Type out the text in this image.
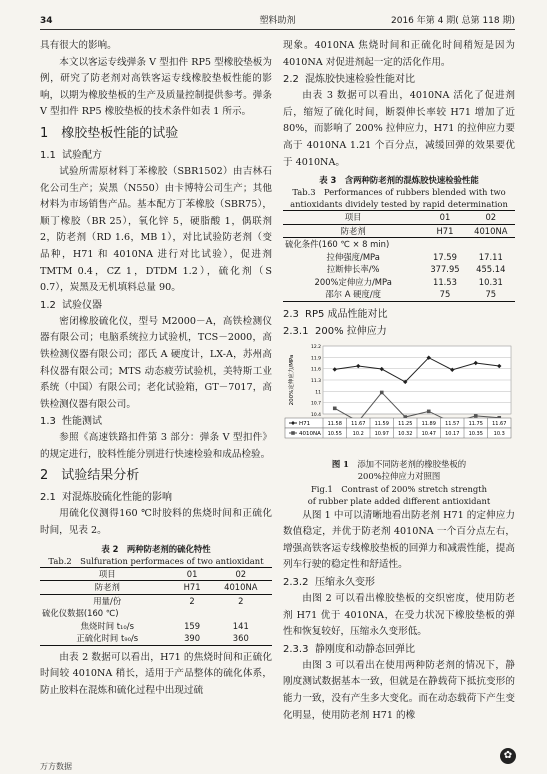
34	塑料助剂	2016 年第 4 期( 总第 118 期)

具有很大的影响。

本文以客运专线弹条 V 型扣件 RP5 型橡胶垫板为例，研究了防老剂对高铁客运专线橡胶垫板性能的影响，以期为橡胶垫板的生产及质量控制提供参考。弹条 V 型扣件 RP5 橡胶垫板的技术条件如表 1 所示。

1　 橡胶垫板性能的试验
1.1 试验配方

试验所需原材料丁苯橡胶（SBR1502）由吉林石化公司生产；炭黑（N550）由卡博特公司生产；其他材料为市场销售产品。基本配方丁苯橡胶（SBR75），顺丁橡胶（BR 25），氧化锌 5，硬脂酸 1，偶联剂 2，防老剂（RD 1.6，MB 1），对比试验防老剂（变品种，H71 和 4010NA 进行对比试验），促进剂 TMTM 0.4，CZ 1，DTDM 1.2），硫化剂（S 0.7），炭黑及无机填料总量 90。

1.2 试验仪器

密闭橡胶硫化仪，型号 M2000－A，高铁检测仪器有限公司；电脑系统拉力试验机，TCS－2000，高铁检测仪器有限公司；邵氏 A 硬度计，LX-A，苏州高科仪器有限公司；MTS 动态疲劳试验机，美特斯工业系统（中国）有限公司；老化试验箱，GT－7017，高铁检测仪器有限公司。

1.3 性能测试

参照《高速铁路扣件第 3 部分：弹条 V 型扣件》的规定进行，胶料性能分别进行快速检验和成品检验。

2　 试验结果分析
2.1 对混炼胶硫化性能的影响

用硫化仪测得160 ℃时胶料的焦烧时间和正硫化时间，见表 2。

表 2　 两种防老剂的硫化特性
Tab.2　 Sulfuration performaces of two antioxidant
项目	01	02
防老剂	H71	4010NA
用量/份	2	2
硫化仪数据(160 ℃)		
焦烧时间 t₁₀/s	159	141
正硫化时间 t₉₀/s	390	360

由表 2 数据可以看出，H71 的焦烧时间和正硫化时间较 4010NA 稍长，适用于产品整体的硫化体系，防止胶料在混炼和硫化过程中出现过硫

现象。4010NA 焦烧时间和正硫化时间稍短是因为 4010NA 对促进剂起一定的活化作用。

2.2 混炼胶快速检验性能对比

由表 3 数据可以看出，4010NA 活化了促进剂后，缩短了硫化时间，断裂伸长率较 H71 增加了近 80%，而影响了 200% 拉伸应力，H71 的拉伸应力要高于 4010NA 1.21 个百分点，减缓回弹的效果要优于 4010NA。

表 3　 含两种防老剂的混炼胶快速检验性能
Tab.3　 Performances of rubbers blended with two antioxidants dividely tested by rapid determination
项目	01	02
防老剂	H71	4010NA
硫化条件(160 ℃ × 8 min)		
拉伸强度/MPa	17.59	17.11
拉断伸长率/%	377.95	455.14
200%定伸应力/MPa	11.53	10.31
邵尔 A 硬度/度	75	75
2.3 RP5 成品性能对比
2.3.1 200% 拉伸应力
12.2
11.9
11.6
11.3
11
10.7
10.4
200%定伸应力/MPa
H71	11.58 11.67 11.59 11.25 11.89 11.57 11.75 11.67
4010NA 10.55 10.2 10.97 10.32 10.47 10.17 10.35 10.3
图 1　 添加不同防老剂的橡胶垫板的
200%拉伸应力对照图
Fig.1　 Contrast of 200% stretch strength
of rubber plate added different antioxidant

从图 1 中可以清晰地看出防老剂 H71 的定伸应力数值稳定，并优于防老剂 4010NA 一个百分点左右，增强高铁客运专线橡胶垫板的回弹力和减震性能，提高列车行驶的稳定性和舒适性。

2.3.2 压缩永久变形

由图 2 可以看出橡胶垫板的交织密度，使用防老剂 H71 优于 4010NA，在受力状况下橡胶垫板的弹性和恢复较好，压缩永久变形低。

2.3.3 静刚度和动静态回弹比

由图 3 可以看出在使用两种防老剂的情况下，静刚度测试数据基本一致，但就是在静载荷下抵抗变形的能力一致，没有产生多大变化。而在动态载荷下产生变化明显，使用防老剂 H71 的橡

万方数据
✿
